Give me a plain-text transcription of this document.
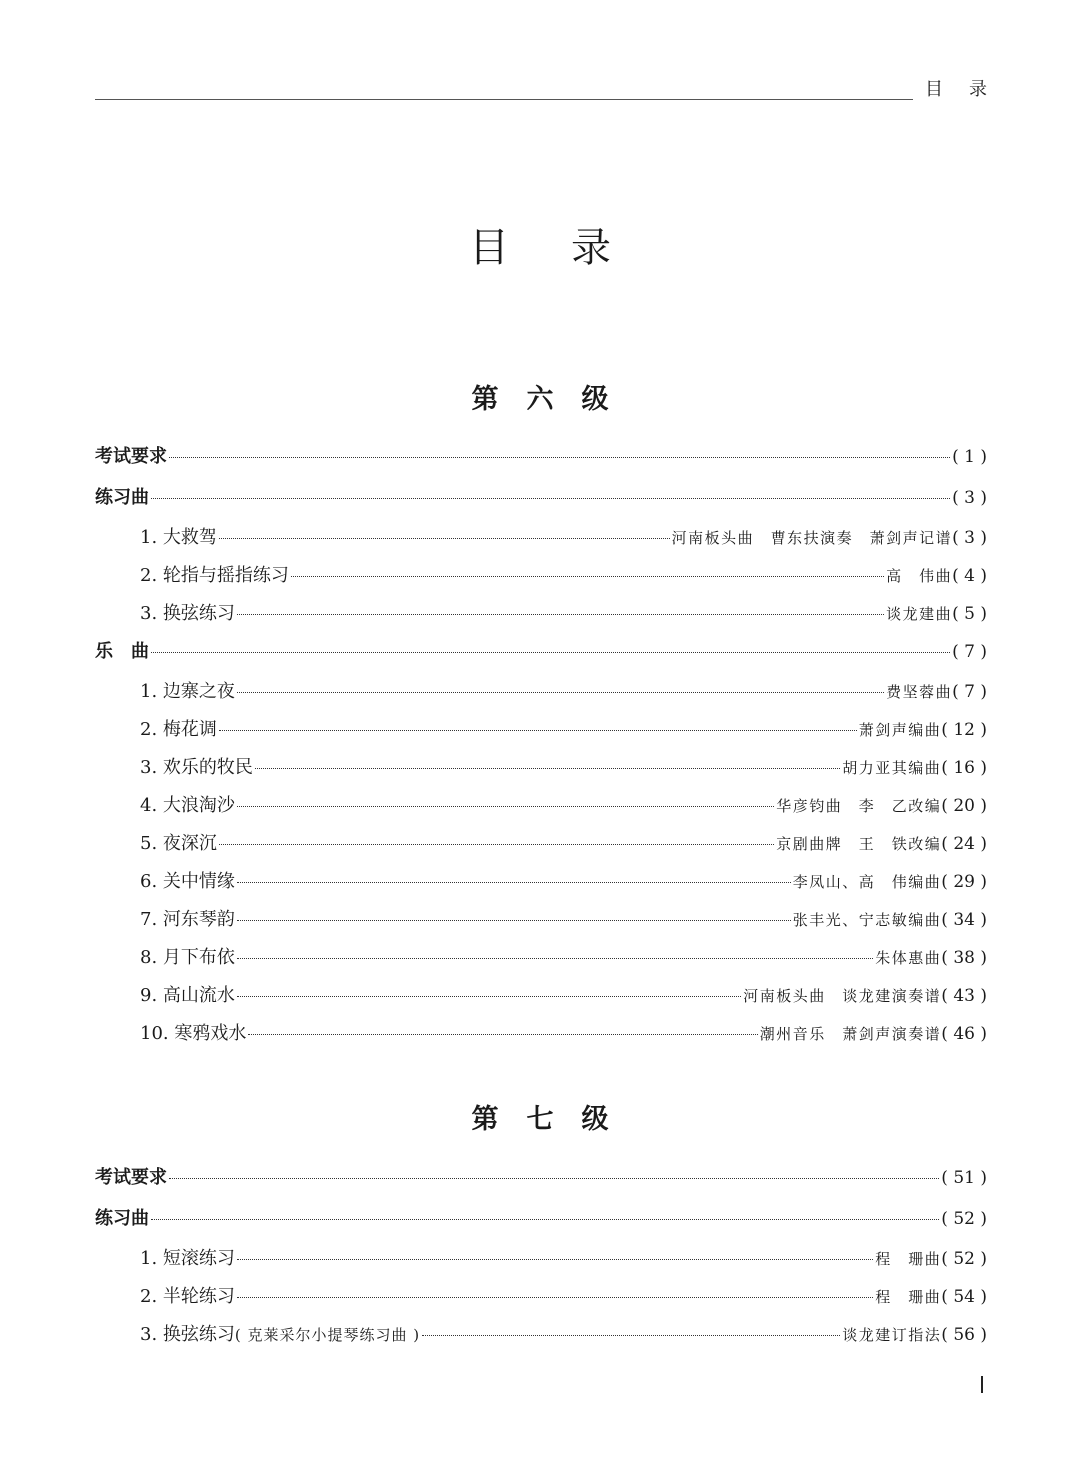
目录
目录
第六级
考试要求	( 1 )
练习曲	( 3 )
1. 大救驾	河南板头曲　曹东扶演奏　萧剑声记谱 ( 3 )
2. 轮指与摇指练习	高　伟曲 ( 4 )
3. 换弦练习	谈龙建曲 ( 5 )
乐　曲	( 7 )
1. 边寨之夜	费坚蓉曲 ( 7 )
2. 梅花调	萧剑声编曲 ( 12 )
3. 欢乐的牧民	胡力亚其编曲 ( 16 )
4. 大浪淘沙	华彦钧曲　李　乙改编 ( 20 )
5. 夜深沉	京剧曲牌　王　铁改编 ( 24 )
6. 关中情缘	李凤山、高　伟编曲 ( 29 )
7. 河东琴韵	张丰光、宁志敏编曲 ( 34 )
8. 月下布依	朱体惠曲 ( 38 )
9. 高山流水	河南板头曲　谈龙建演奏谱 ( 43 )
10. 寒鸦戏水	潮州音乐　萧剑声演奏谱 ( 46 )
第七级
考试要求	( 51 )
练习曲	( 52 )
1. 短滚练习	程　珊曲 ( 52 )
2. 半轮练习	程　珊曲 ( 54 )
3. 换弦练习 ( 克莱采尔小提琴练习曲 )	谈龙建订指法 ( 56 )
